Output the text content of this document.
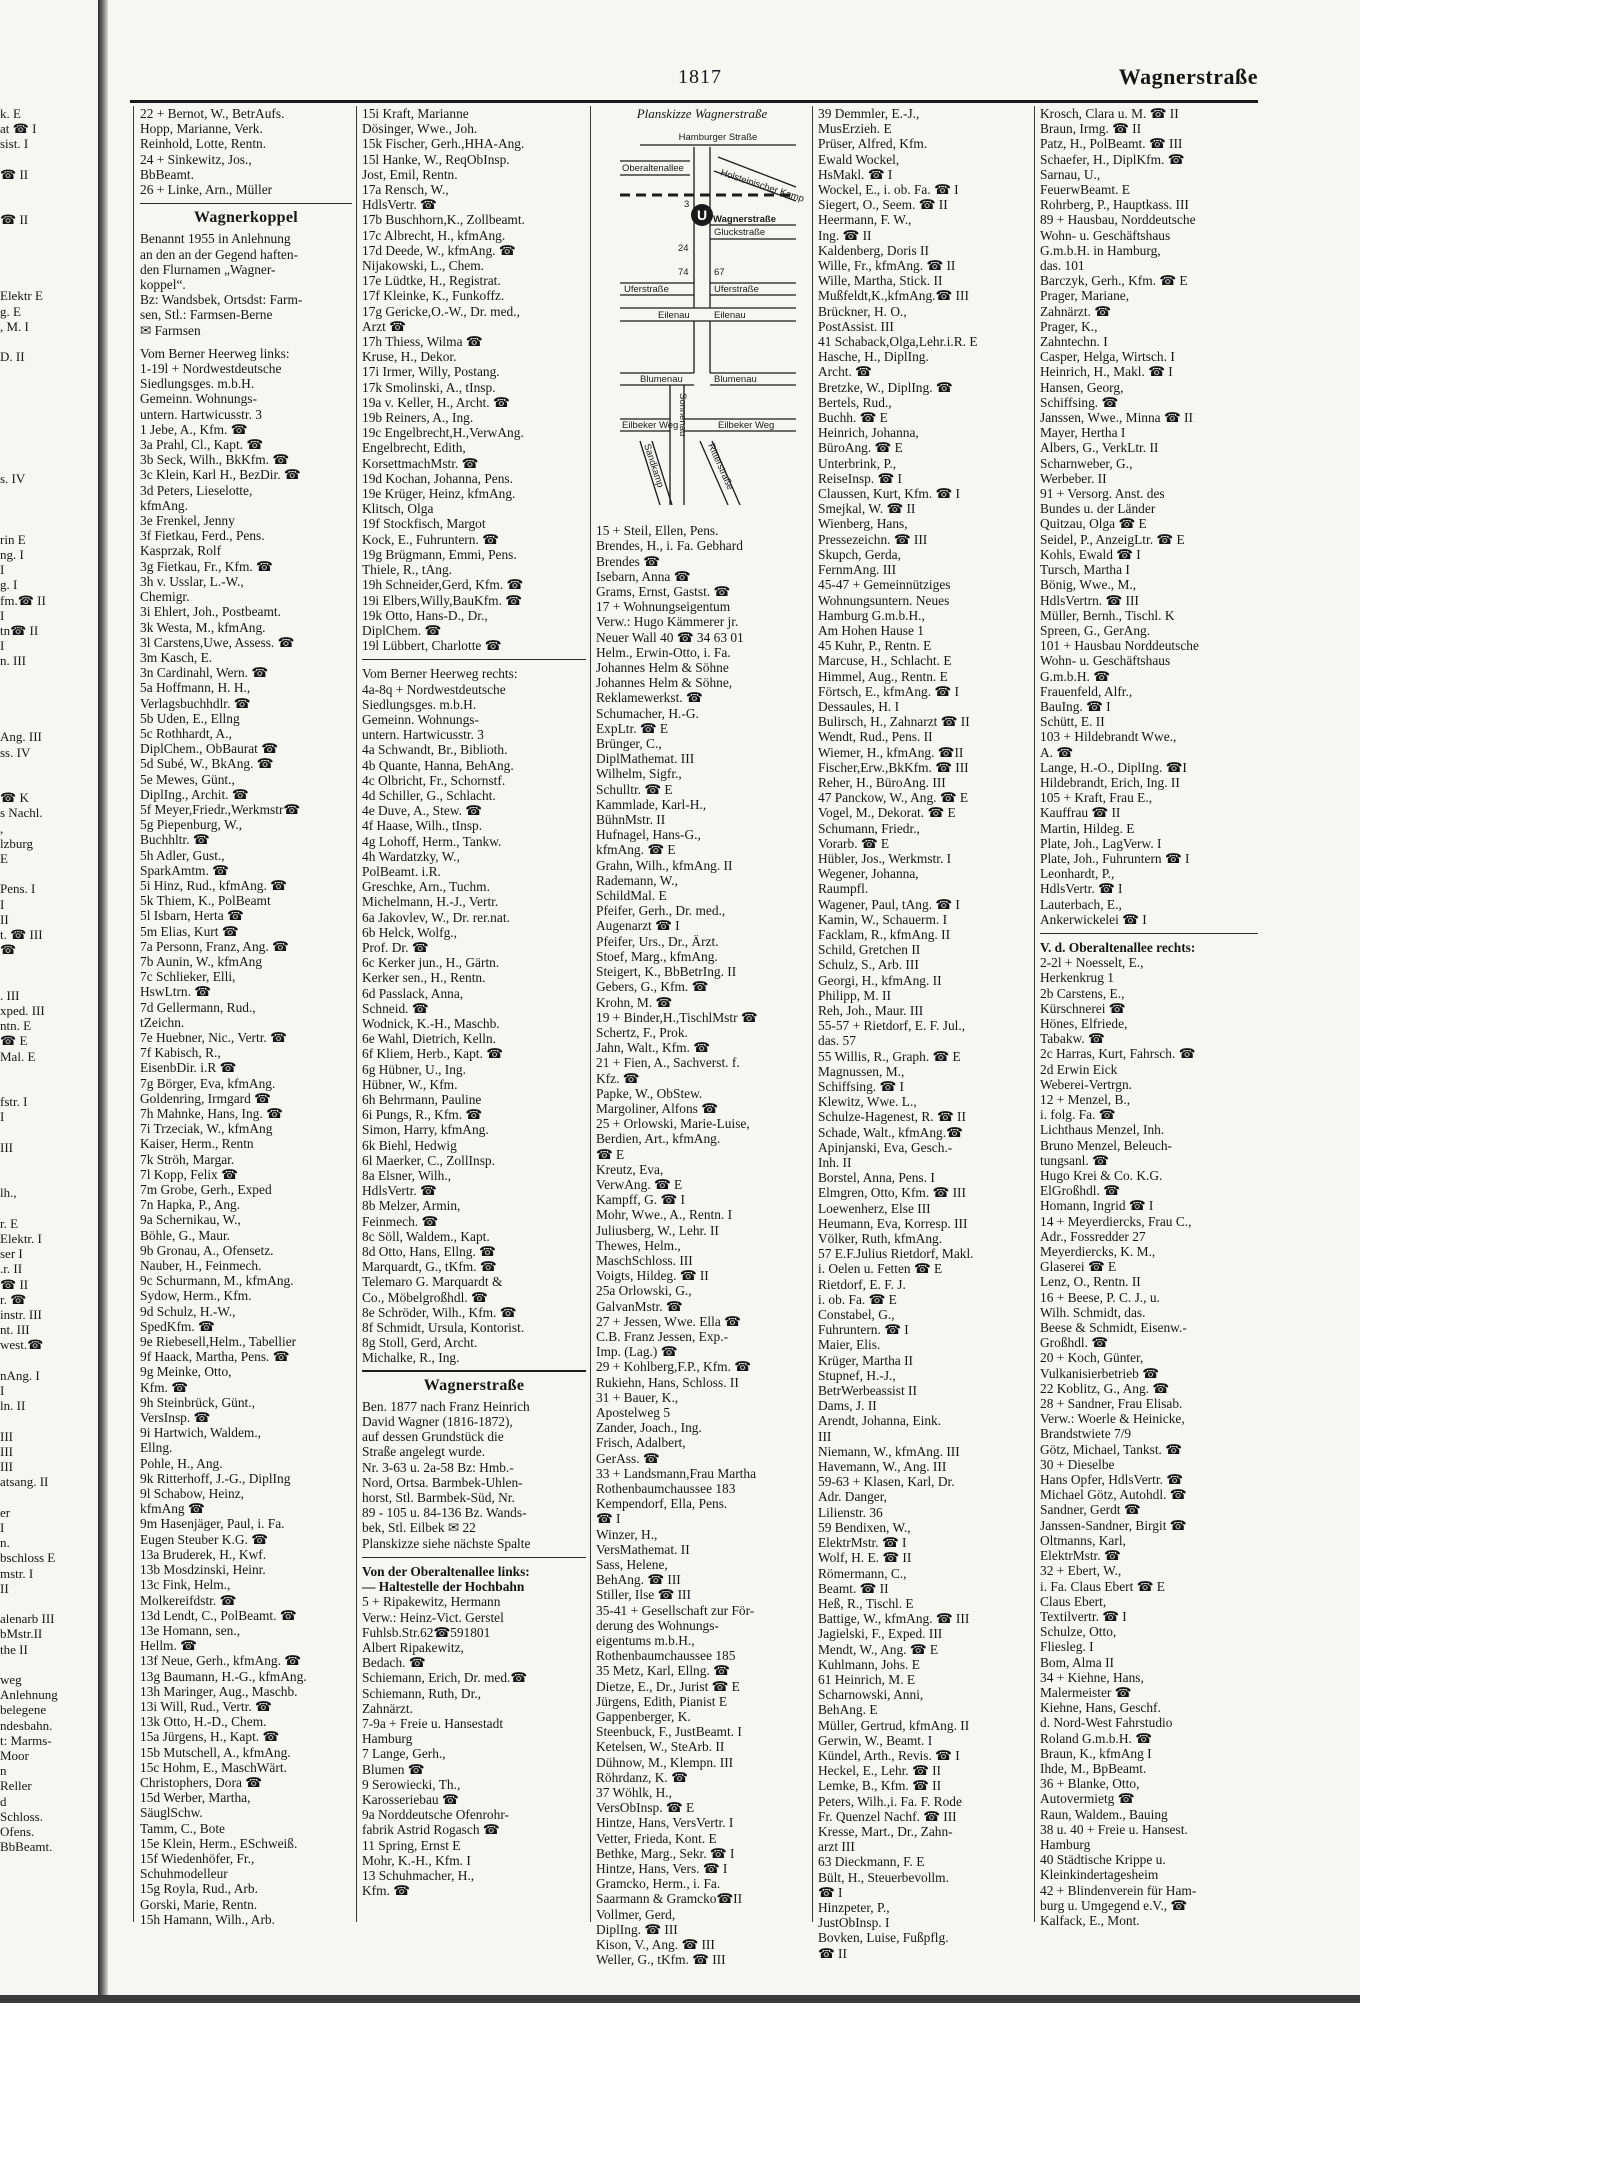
1817	Wagnerstraße
k. E
at ☎ I
sist. I

☎ II

☎ II

Elektr E
g. E
, M. I

D. II

s. IV

rin E
ng. I
I
g. I
fm.☎ II
I
tn☎ II
I
n. III

Ang. III
ss. IV

☎ K
s Nachl.
,
lzburg
E

Pens. I
I
II
t. ☎ III
☎

. III
xped. III
ntn. E
☎ E
Mal. E

fstr. I
I

III

lh.,

r. E
Elektr. I
ser I
.r. II
☎ II
r. ☎
instr. III
nt. III
west.☎

nAng. I
I
ln. II

III
III
III
atsang. II

er
I
n.
bschloss E
mstr. I
II

alenarb III
bMstr.II
the II

weg
Anlehnung
belegene
ndesbahn.
t: Marms-
Moor
n
Reller
d
Schloss.
Ofens.
BbBeamt.
22 + Bernot, W., BetrAufs.
Hopp, Marianne, Verk.
Reinhold, Lotte, Rentn.
24 + Sinkewitz, Jos.,
BbBeamt.
26 + Linke, Arn., Müller
Wagnerkoppel
Benannt 1955 in Anlehnung
an den an der Gegend haften-
den Flurnamen „Wagner-
koppel“.
Bz: Wandsbek, Ortsdst: Farm-
sen, Stl.: Farmsen-Berne
✉ Farmsen
Vom Berner Heerweg links:
1-19l + Nordwestdeutsche
Siedlungsges. m.b.H.
Gemeinn. Wohnungs-
untern. Hartwicusstr. 3
1 Jebe, A., Kfm. ☎
3a Prahl, Cl., Kapt. ☎
3b Seck, Wilh., BkKfm. ☎
3c Klein, Karl H., BezDir. ☎
3d Peters, Lieselotte,
kfmAng.
3e Frenkel, Jenny
3f Fietkau, Ferd., Pens.
Kasprzak, Rolf
3g Fietkau, Fr., Kfm. ☎
3h v. Usslar, L.-W.,
Chemigr.
3i Ehlert, Joh., Postbeamt.
3k Westa, M., kfmAng.
3l Carstens,Uwe, Assess. ☎
3m Kasch, E.
3n Cardinahl, Wern. ☎
5a Hoffmann, H. H.,
Verlagsbuchhdlr. ☎
5b Uden, E., Ellng
5c Rothhardt, A.,
DiplChem., ObBaurat ☎
5d Subé, W., BkAng. ☎
5e Mewes, Günt.,
DiplIng., Archit. ☎
5f Meyer,Friedr.,Werkmstr☎
5g Piepenburg, W.,
Buchhltr. ☎
5h Adler, Gust.,
SparkAmtm. ☎
5i Hinz, Rud., kfmAng. ☎
5k Thiem, K., PolBeamt
5l Isbarn, Herta ☎
5m Elias, Kurt ☎
7a Personn, Franz, Ang. ☎
7b Aunin, W., kfmAng
7c Schlieker, Elli,
HswLtrn. ☎
7d Gellermann, Rud.,
tZeichn.
7e Huebner, Nic., Vertr. ☎
7f Kabisch, R.,
EisenbDir. i.R ☎
7g Börger, Eva, kfmAng.
Goldenring, Irmgard ☎
7h Mahnke, Hans, Ing. ☎
7i Trzeciak, W., kfmAng
Kaiser, Herm., Rentn
7k Ströh, Margar.
7l Kopp, Felix ☎
7m Grobe, Gerh., Exped
7n Hapka, P., Ang.
9a Schernikau, W.,
Böhle, G., Maur.
9b Gronau, A., Ofensetz.
Nauber, H., Feinmech.
9c Schurmann, M., kfmAng.
Sydow, Herm., Kfm.
9d Schulz, H.-W.,
SpedKfm. ☎
9e Riebesell,Helm., Tabellier
9f Haack, Martha, Pens. ☎
9g Meinke, Otto,
Kfm. ☎
9h Steinbrück, Günt.,
VersInsp. ☎
9i Hartwich, Waldem.,
Ellng.
Pohle, H., Ang.
9k Ritterhoff, J.-G., DiplIng
9l Schabow, Heinz,
kfmAng ☎
9m Hasenjäger, Paul, i. Fa.
Eugen Steuber K.G. ☎
13a Bruderek, H., Kwf.
13b Mosdzinski, Heinr.
13c Fink, Helm.,
Molkereifdstr. ☎
13d Lendt, C., PolBeamt. ☎
13e Homann, sen.,
Hellm. ☎
13f Neue, Gerh., kfmAng. ☎
13g Baumann, H.-G., kfmAng.
13h Maringer, Aug., Maschb.
13i Will, Rud., Vertr. ☎
13k Otto, H.-D., Chem.
15a Jürgens, H., Kapt. ☎
15b Mutschell, A., kfmAng.
15c Hohm, E., MaschWärt.
Christophers, Dora ☎
15d Werber, Martha,
SäuglSchw.
Tamm, C., Bote
15e Klein, Herm., ESchweiß.
15f Wiedenhöfer, Fr.,
Schuhmodelleur
15g Royla, Rud., Arb.
Gorski, Marie, Rentn.
15h Hamann, Wilh., Arb.
15i Kraft, Marianne
Dösinger, Wwe., Joh.
15k Fischer, Gerh.,HHA-Ang.
15l Hanke, W., ReqObInsp.
Jost, Emil, Rentn.
17a Rensch, W.,
HdlsVertr. ☎
17b Buschhorn,K., Zollbeamt.
17c Albrecht, H., kfmAng.
17d Deede, W., kfmAng. ☎
Nijakowski, L., Chem.
17e Lüdtke, H., Registrat.
17f Kleinke, K., Funkoffz.
17g Gericke,O.-W., Dr. med.,
Arzt ☎
17h Thiess, Wilma ☎
Kruse, H., Dekor.
17i Irmer, Willy, Postang.
17k Smolinski, A., tInsp.
19a v. Keller, H., Archt. ☎
19b Reiners, A., Ing.
19c Engelbrecht,H.,VerwAng.
Engelbrecht, Edith,
KorsettmachMstr. ☎
19d Kochan, Johanna, Pens.
19e Krüger, Heinz, kfmAng.
Klitsch, Olga
19f Stockfisch, Margot
Kock, E., Fuhruntern. ☎
19g Brügmann, Emmi, Pens.
Thiele, R., tAng.
19h Schneider,Gerd, Kfm. ☎
19i Elbers,Willy,BauKfm. ☎
19k Otto, Hans-D., Dr.,
DiplChem. ☎
19l Lübbert, Charlotte ☎
Vom Berner Heerweg rechts:
4a-8q + Nordwestdeutsche
Siedlungsges. m.b.H.
Gemeinn. Wohnungs-
untern. Hartwicusstr. 3
4a Schwandt, Br., Biblioth.
4b Quante, Hanna, BehAng.
4c Olbricht, Fr., Schornstf.
4d Schiller, G., Schlacht.
4e Duve, A., Stew. ☎
4f Haase, Wilh., tInsp.
4g Lohoff, Herm., Tankw.
4h Wardatzky, W.,
PolBeamt. i.R.
Greschke, Arn., Tuchm.
Michelmann, H.-J., Vertr.
6a Jakovlev, W., Dr. rer.nat.
6b Helck, Wolfg.,
Prof. Dr. ☎
6c Kerker jun., H., Gärtn.
Kerker sen., H., Rentn.
6d Passlack, Anna,
Schneid. ☎
Wodnick, K.-H., Maschb.
6e Wahl, Dietrich, Kelln.
6f Kliem, Herb., Kapt. ☎
6g Hübner, U., Ing.
Hübner, W., Kfm.
6h Behrmann, Pauline
6i Pungs, R., Kfm. ☎
Simon, Harry, kfmAng.
6k Biehl, Hedwig
6l Maerker, C., ZollInsp.
8a Elsner, Wilh.,
HdlsVertr. ☎
8b Melzer, Armin,
Feinmech. ☎
8c Söll, Waldem., Kapt.
8d Otto, Hans, Ellng. ☎
Marquardt, G., tKfm. ☎
Telemaro G. Marquardt &
Co., Möbelgroßhdl. ☎
8e Schröder, Wilh., Kfm. ☎
8f Schmidt, Ursula, Kontorist.
8g Stoll, Gerd, Archt.
Michalke, R., Ing.
Wagnerstraße
Ben. 1877 nach Franz Heinrich
David Wagner (1816-1872),
auf dessen Grundstück die
Straße angelegt wurde.
Nr. 3-63 u. 2a-58 Bz: Hmb.-
Nord, Ortsa. Barmbek-Uhlen-
horst, Stl. Barmbek-Süd, Nr.
89 - 105 u. 84-136 Bz. Wands-
bek, Stl. Eilbek ✉ 22
Planskizze siehe nächste Spalte
Von der Oberaltenallee links:
— Haltestelle der Hochbahn
5 + Ripakewitz, Hermann
Verw.: Heinz-Vict. Gerstel
Fuhlsb.Str.62☎591801
Albert Ripakewitz,
Bedach. ☎
Schiemann, Erich, Dr. med.☎
Schiemann, Ruth, Dr.,
Zahnärzt.
7-9a + Freie u. Hansestadt
Hamburg
7 Lange, Gerh.,
Blumen ☎
9 Serowiecki, Th.,
Karosseriebau ☎
9a Norddeutsche Ofenrohr-
fabrik Astrid Rogasch ☎
11 Spring, Ernst E
Mohr, K.-H., Kfm. I
13 Schuhmacher, H.,
Kfm. ☎
Planskizze Wagnerstraße
U
Hamburger Straße
Oberaltenallee	Holsteinischer Kamp
Wagnerstraße
Gluckstraße
3
24
74	67
Uferstraße	Uferstraße
Eilenau	Eilenau
Blumenau	Blumenau
Eilbeker Weg	Eilbeker Weg
Sonnenau
Sandkamp	Ritterstraße
15 + Steil, Ellen, Pens.
Brendes, H., i. Fa. Gebhard
Brendes ☎
Isebarn, Anna ☎
Grams, Ernst, Gastst. ☎
17 + Wohnungseigentum
Verw.: Hugo Kämmerer jr.
Neuer Wall 40 ☎ 34 63 01
Helm., Erwin-Otto, i. Fa.
Johannes Helm & Söhne
Johannes Helm & Söhne,
Reklamewerkst. ☎
Schumacher, H.-G.
ExpLtr. ☎ E
Brünger, C.,
DiplMathemat. III
Wilhelm, Sigfr.,
Schulltr. ☎ E
Kammlade, Karl-H.,
BühnMstr. II
Hufnagel, Hans-G.,
kfmAng. ☎ E
Grahn, Wilh., kfmAng. II
Rademann, W.,
SchildMal. E
Pfeifer, Gerh., Dr. med.,
Augenarzt ☎ I
Pfeifer, Urs., Dr., Ärzt.
Stoef, Marg., kfmAng.
Steigert, K., BbBetrIng. II
Gebers, G., Kfm. ☎
Krohn, M. ☎
19 + Binder,H.,TischlMstr ☎
Schertz, F., Prok.
Jahn, Walt., Kfm. ☎
21 + Fien, A., Sachverst. f.
Kfz. ☎
Papke, W., ObStew.
Margoliner, Alfons ☎
25 + Orlowski, Marie-Luise,
Berdien, Art., kfmAng.
☎ E
Kreutz, Eva,
VerwAng. ☎ E
Kampff, G. ☎ I
Mohr, Wwe., A., Rentn. I
Juliusberg, W., Lehr. II
Thewes, Helm.,
MaschSchloss. III
Voigts, Hildeg. ☎ II
25a Orlowski, G.,
GalvanMstr. ☎
27 + Jessen, Wwe. Ella ☎
C.B. Franz Jessen, Exp.-
Imp. (Lag.) ☎
29 + Kohlberg,F.P., Kfm. ☎
Rukiehn, Hans, Schloss. II
31 + Bauer, K.,
Apostelweg 5
Zander, Joach., Ing.
Frisch, Adalbert,
GerAss. ☎
33 + Landsmann,Frau Martha
Rothenbaumchaussee 183
Kempendorf, Ella, Pens.
☎ I
Winzer, H.,
VersMathemat. II
Sass, Helene,
BehAng. ☎ III
Stiller, Ilse ☎ III
35-41 + Gesellschaft zur För-
derung des Wohnungs-
eigentums m.b.H.,
Rothenbaumchaussee 185
35 Metz, Karl, Ellng. ☎
Dietze, E., Dr., Jurist ☎ E
Jürgens, Edith, Pianist E
Gappenberger, K.
Steenbuck, F., JustBeamt. I
Ketelsen, W., SteArb. II
Dühnow, M., Klempn. III
Röhrdanz, K. ☎
37 Wöhlk, H.,
VersObInsp. ☎ E
Hintze, Hans, VersVertr. I
Vetter, Frieda, Kont. E
Bethke, Marg., Sekr. ☎ I
Hintze, Hans, Vers. ☎ I
Gramcko, Herm., i. Fa.
Saarmann & Gramcko☎II
Vollmer, Gerd,
DiplIng. ☎ III
Kison, V., Ang. ☎ III
Weller, G., tKfm. ☎ III
39 Demmler, E.-J.,
MusErzieh. E
Prüser, Alfred, Kfm.
Ewald Wockel,
HsMakl. ☎ I
Wockel, E., i. ob. Fa. ☎ I
Siegert, O., Seem. ☎ II
Heermann, F. W.,
Ing. ☎ II
Kaldenberg, Doris II
Wille, Fr., kfmAng. ☎ II
Wille, Martha, Stick. II
Mußfeldt,K.,kfmAng.☎ III
Brückner, H. O.,
PostAssist. III
41 Schaback,Olga,Lehr.i.R. E
Hasche, H., DiplIng.
Archt. ☎
Bretzke, W., DiplIng. ☎
Bertels, Rud.,
Buchh. ☎ E
Heinrich, Johanna,
BüroAng. ☎ E
Unterbrink, P.,
ReiseInsp. ☎ I
Claussen, Kurt, Kfm. ☎ I
Smejkal, W. ☎ II
Wienberg, Hans,
Pressezeichn. ☎ III
Skupch, Gerda,
FernmAng. III
45-47 + Gemeinnütziges
Wohnungsuntern. Neues
Hamburg G.m.b.H.,
Am Hohen Hause 1
45 Kuhr, P., Rentn. E
Marcuse, H., Schlacht. E
Himmel, Aug., Rentn. E
Förtsch, E., kfmAng. ☎ I
Dessaules, H. I
Bulirsch, H., Zahnarzt ☎ II
Wendt, Rud., Pens. II
Wiemer, H., kfmAng. ☎II
Fischer,Erw.,BkKfm. ☎ III
Reher, H., BüroAng. III
47 Panckow, W., Ang. ☎ E
Vogel, M., Dekorat. ☎ E
Schumann, Friedr.,
Vorarb. ☎ E
Hübler, Jos., Werkmstr. I
Wegener, Johanna,
Raumpfl.
Wagener, Paul, tAng. ☎ I
Kamin, W., Schauerm. I
Facklam, R., kfmAng. II
Schild, Gretchen II
Schulz, S., Arb. III
Georgi, H., kfmAng. II
Philipp, M. II
Reh, Joh., Maur. III
55-57 + Rietdorf, E. F. Jul.,
das. 57
55 Willis, R., Graph. ☎ E
Magnussen, M.,
Schiffsing. ☎ I
Klewitz, Wwe. L.,
Schulze-Hagenest, R. ☎ II
Schade, Walt., kfmAng.☎
Apinjanski, Eva, Gesch.-
Inh. II
Borstel, Anna, Pens. I
Elmgren, Otto, Kfm. ☎ III
Loewenherz, Else III
Heumann, Eva, Korresp. III
Völker, Ruth, kfmAng.
57 E.F.Julius Rietdorf, Makl.
i. Oelen u. Fetten ☎ E
Rietdorf, E. F. J.
i. ob. Fa. ☎ E
Constabel, G.,
Fuhruntern. ☎ I
Maier, Elis.
Krüger, Martha II
Stupnef, H.-J.,
BetrWerbeassist II
Dams, J. II
Arendt, Johanna, Eink.
III
Niemann, W., kfmAng. III
Havemann, W., Ang. III
59-63 + Klasen, Karl, Dr.
Adr. Danger,
Lilienstr. 36
59 Bendixen, W.,
ElektrMstr. ☎ I
Wolf, H. E. ☎ II
Römermann, C.,
Beamt. ☎ II
Heß, R., Tischl. E
Battige, W., kfmAng. ☎ III
Jagielski, F., Exped. III
Mendt, W., Ang. ☎ E
Kuhlmann, Johs. E
61 Heinrich, M. E
Scharnowski, Anni,
BehAng. E
Müller, Gertrud, kfmAng. II
Gerwin, W., Beamt. I
Kündel, Arth., Revis. ☎ I
Heckel, E., Lehr. ☎ II
Lemke, B., Kfm. ☎ II
Peters, Wilh.,i. Fa. F. Rode
Fr. Quenzel Nachf. ☎ III
Kresse, Mart., Dr., Zahn-
arzt III
63 Dieckmann, F. E
Bült, H., Steuerbevollm.
☎ I
Hinzpeter, P.,
JustObInsp. I
Bovken, Luise, Fußpflg.
☎ II
Krosch, Clara u. M. ☎ II
Braun, Irmg. ☎ II
Patz, H., PolBeamt. ☎ III
Schaefer, H., DiplKfm. ☎
Sarnau, U.,
FeuerwBeamt. E
Rohrberg, P., Hauptkass. III
89 + Hausbau, Norddeutsche
Wohn- u. Geschäftshaus
G.m.b.H. in Hamburg,
das. 101
Barczyk, Gerh., Kfm. ☎ E
Prager, Mariane,
Zahnärzt. ☎
Prager, K.,
Zahntechn. I
Casper, Helga, Wirtsch. I
Heinrich, H., Makl. ☎ I
Hansen, Georg,
Schiffsing. ☎
Janssen, Wwe., Minna ☎ II
Mayer, Hertha I
Albers, G., VerkLtr. II
Scharnweber, G.,
Werbeber. II
91 + Versorg. Anst. des
Bundes u. der Länder
Quitzau, Olga ☎ E
Seidel, P., AnzeigLtr. ☎ E
Kohls, Ewald ☎ I
Tursch, Martha I
Bönig, Wwe., M.,
HdlsVertrn. ☎ III
Müller, Bernh., Tischl. K
Spreen, G., GerAng.
101 + Hausbau Norddeutsche
Wohn- u. Geschäftshaus
G.m.b.H. ☎
Frauenfeld, Alfr.,
BauIng. ☎ I
Schütt, E. II
103 + Hildebrandt Wwe.,
A. ☎
Lange, H.-O., DiplIng. ☎I
Hildebrandt, Erich, Ing. II
105 + Kraft, Frau E.,
Kauffrau ☎ II
Martin, Hildeg. E
Plate, Joh., LagVerw. I
Plate, Joh., Fuhruntern ☎ I
Leonhardt, P.,
HdlsVertr. ☎ I
Lauterbach, E.,
Ankerwickelei ☎ I
V. d. Oberaltenallee rechts:
2-2l + Noesselt, E.,
Herkenkrug 1
2b Carstens, E.,
Kürschnerei ☎
Hönes, Elfriede,
Tabakw. ☎
2c Harras, Kurt, Fahrsch. ☎
2d Erwin Eick
Weberei-Vertrgn.
12 + Menzel, B.,
i. folg. Fa. ☎
Lichthaus Menzel, Inh.
Bruno Menzel, Beleuch-
tungsanl. ☎
Hugo Krei & Co. K.G.
ElGroßhdl. ☎
Homann, Ingrid ☎ I
14 + Meyerdiercks, Frau C.,
Adr., Fossredder 27
Meyerdiercks, K. M.,
Glaserei ☎ E
Lenz, O., Rentn. II
16 + Beese, P. C. J., u.
Wilh. Schmidt, das.
Beese & Schmidt, Eisenw.-
Großhdl. ☎
20 + Koch, Günter,
Vulkanisierbetrieb ☎
22 Koblitz, G., Ang. ☎
28 + Sandner, Frau Elisab.
Verw.: Woerle & Heinicke,
Brandstwiete 7/9
Götz, Michael, Tankst. ☎
30 + Dieselbe
Hans Opfer, HdlsVertr. ☎
Michael Götz, Autohdl. ☎
Sandner, Gerdt ☎
Janssen-Sandner, Birgit ☎
Oltmanns, Karl,
ElektrMstr. ☎
32 + Ebert, W.,
i. Fa. Claus Ebert ☎ E
Claus Ebert,
Textilvertr. ☎ I
Schulze, Otto,
Fliesleg. I
Bom, Alma II
34 + Kiehne, Hans,
Malermeister ☎
Kiehne, Hans, Geschf.
d. Nord-West Fahrstudio
Roland G.m.b.H. ☎
Braun, K., kfmAng I
Ihde, M., BpBeamt.
36 + Blanke, Otto,
Autovermietg ☎
Raun, Waldem., Bauing
38 u. 40 + Freie u. Hansest.
Hamburg
40 Städtische Krippe u.
Kleinkindertagesheim
42 + Blindenverein für Ham-
burg u. Umgegend e.V., ☎
Kalfack, E., Mont.
